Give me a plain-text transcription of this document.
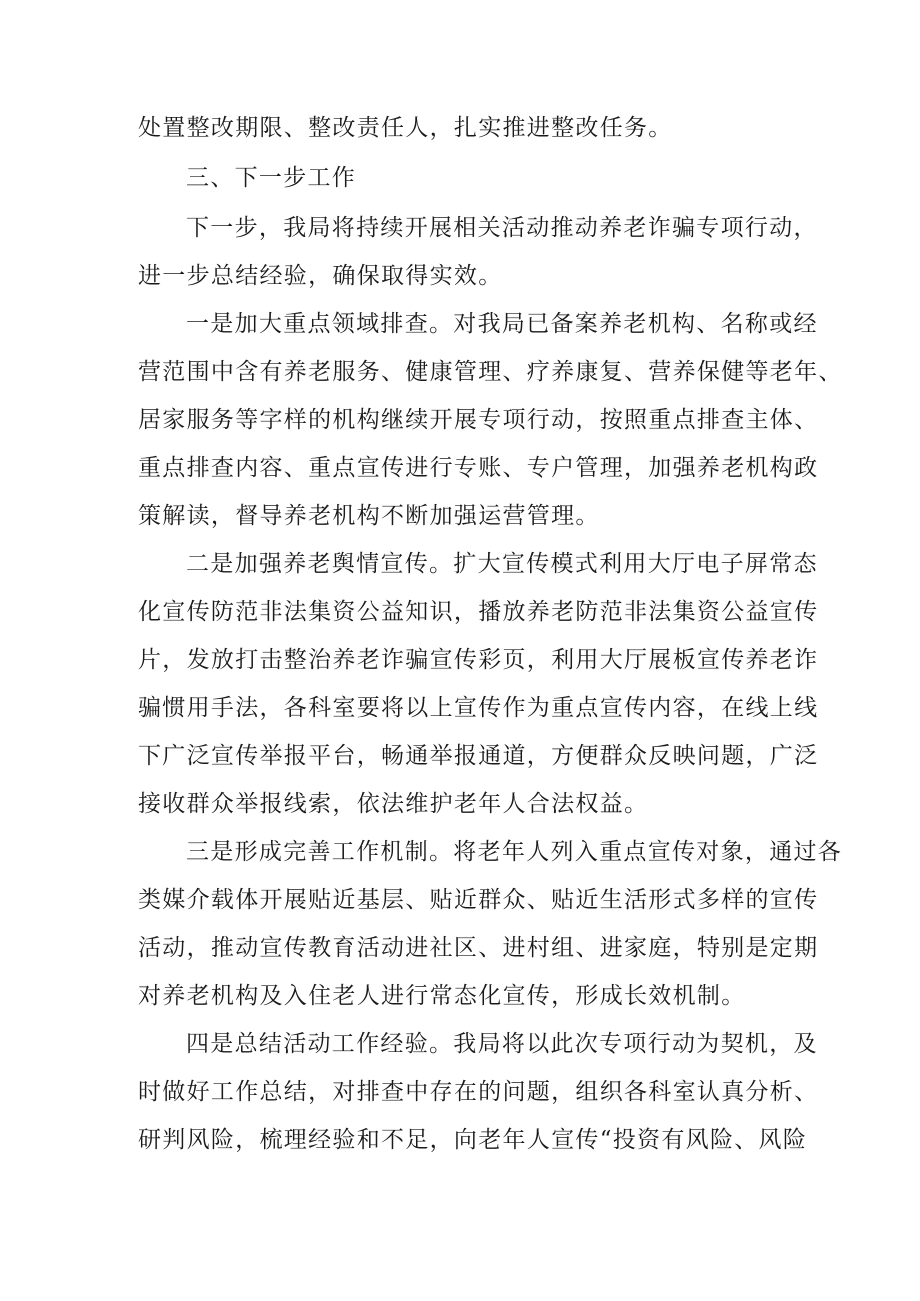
处置整改期限、整改责任人，扎实推进整改任务。
三、下一步工作
下一步，我局将持续开展相关活动推动养老诈骗专项行动，
进一步总结经验，确保取得实效。
一是加大重点领域排查。对我局已备案养老机构、名称或经
营范围中含有养老服务、健康管理、疗养康复、营养保健等老年、
居家服务等字样的机构继续开展专项行动，按照重点排查主体、
重点排查内容、重点宣传进行专账、专户管理，加强养老机构政
策解读，督导养老机构不断加强运营管理。
二是加强养老舆情宣传。扩大宣传模式利用大厅电子屏常态
化宣传防范非法集资公益知识，播放养老防范非法集资公益宣传
片，发放打击整治养老诈骗宣传彩页，利用大厅展板宣传养老诈
骗惯用手法，各科室要将以上宣传作为重点宣传内容，在线上线
下广泛宣传举报平台，畅通举报通道，方便群众反映问题，广泛
接收群众举报线索，依法维护老年人合法权益。
三是形成完善工作机制。将老年人列入重点宣传对象，通过各
类媒介载体开展贴近基层、贴近群众、贴近生活形式多样的宣传
活动，推动宣传教育活动进社区、进村组、进家庭，特别是定期
对养老机构及入住老人进行常态化宣传，形成长效机制。
四是总结活动工作经验。我局将以此次专项行动为契机，及
时做好工作总结，对排查中存在的问题，组织各科室认真分析、
研判风险，梳理经验和不足，向老年人宣传“投资有风险、风险
